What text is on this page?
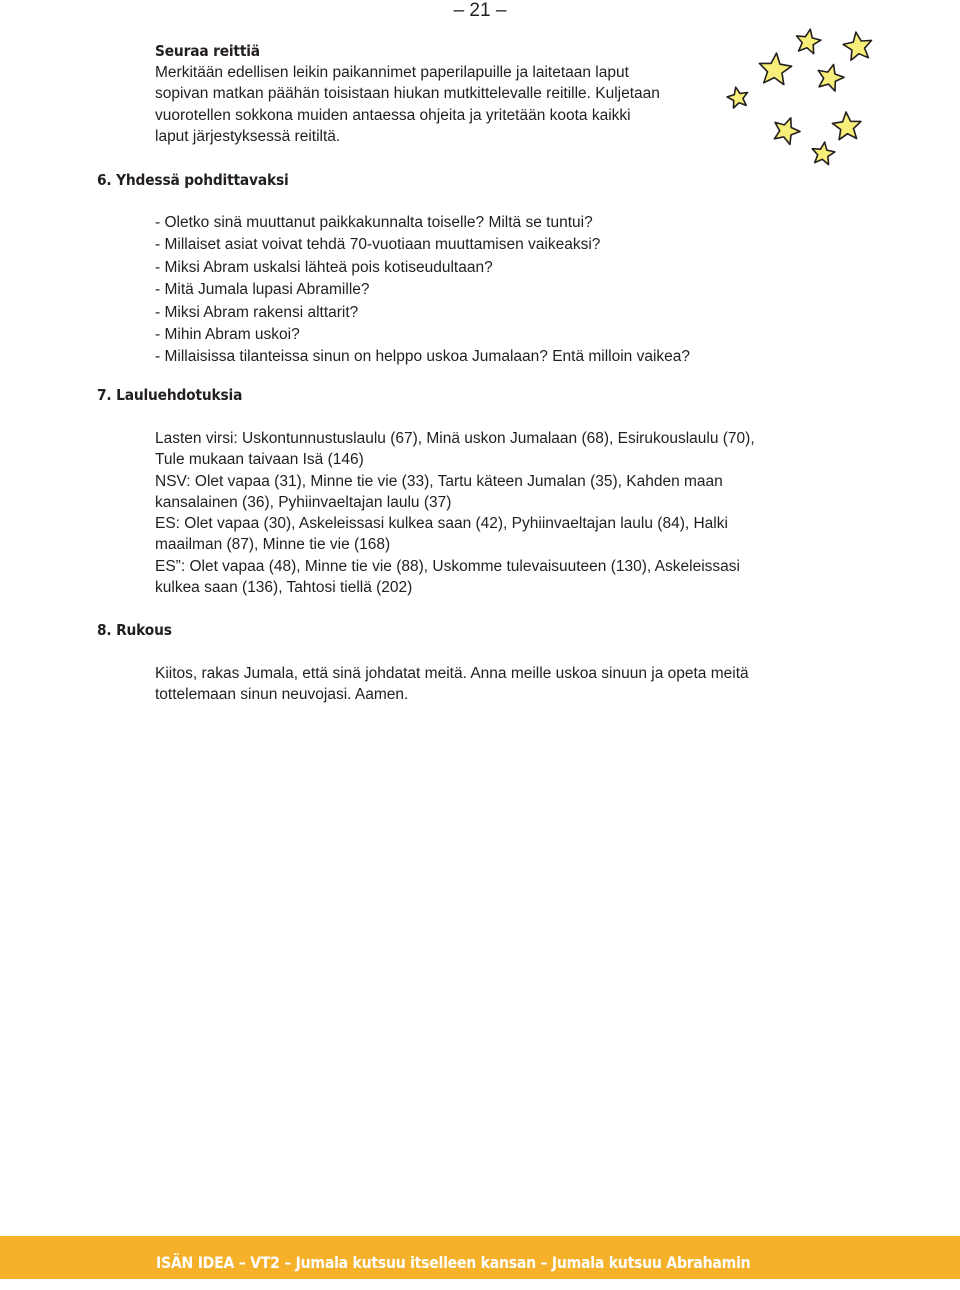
– 21 –
Seuraa reittiä

Merkitään edellisen leikin paikannimet paperilapuille ja laitetaan laput

sopivan matkan päähän toisistaan hiukan mutkittelevalle reitille. Kuljetaan

vuorotellen sokkona muiden antaessa ohjeita ja yritetään koota kaikki

laput järjestyksessä reitiltä.

6. Yhdessä pohdittavaksi
- Oletko sinä muuttanut paikkakunnalta toiselle? Miltä se tuntui?
- Millaiset asiat voivat tehdä 70-vuotiaan muuttamisen vaikeaksi?
- Miksi Abram uskalsi lähteä pois kotiseudultaan?
- Mitä Jumala lupasi Abramille?
- Miksi Abram rakensi alttarit?
- Mihin Abram uskoi?
- Millaisissa tilanteissa sinun on helppo uskoa Jumalaan? Entä milloin vaikea?
7. Lauluehdotuksia

Lasten virsi: Uskontunnustuslaulu (67), Minä uskon Jumalaan (68), Esirukouslaulu (70),

Tule mukaan taivaan Isä (146)

NSV: Olet vapaa (31), Minne tie vie (33), Tartu käteen Jumalan (35), Kahden maan

kansalainen (36), Pyhiinvaeltajan laulu (37)

ES: Olet vapaa (30), Askeleissasi kulkea saan (42), Pyhiinvaeltajan laulu (84), Halki

maailman (87), Minne tie vie (168)

ES”: Olet vapaa (48), Minne tie vie (88), Uskomme tulevaisuuteen (130), Askeleissasi

kulkea saan (136), Tahtosi tiellä (202)

8. Rukous

Kiitos, rakas Jumala, että sinä johdatat meitä. Anna meille uskoa sinuun ja opeta meitä

tottelemaan sinun neuvojasi. Aamen.

ISÄN IDEA – VT2 – Jumala kutsuu itselleen kansan – Jumala kutsuu Abrahamin
